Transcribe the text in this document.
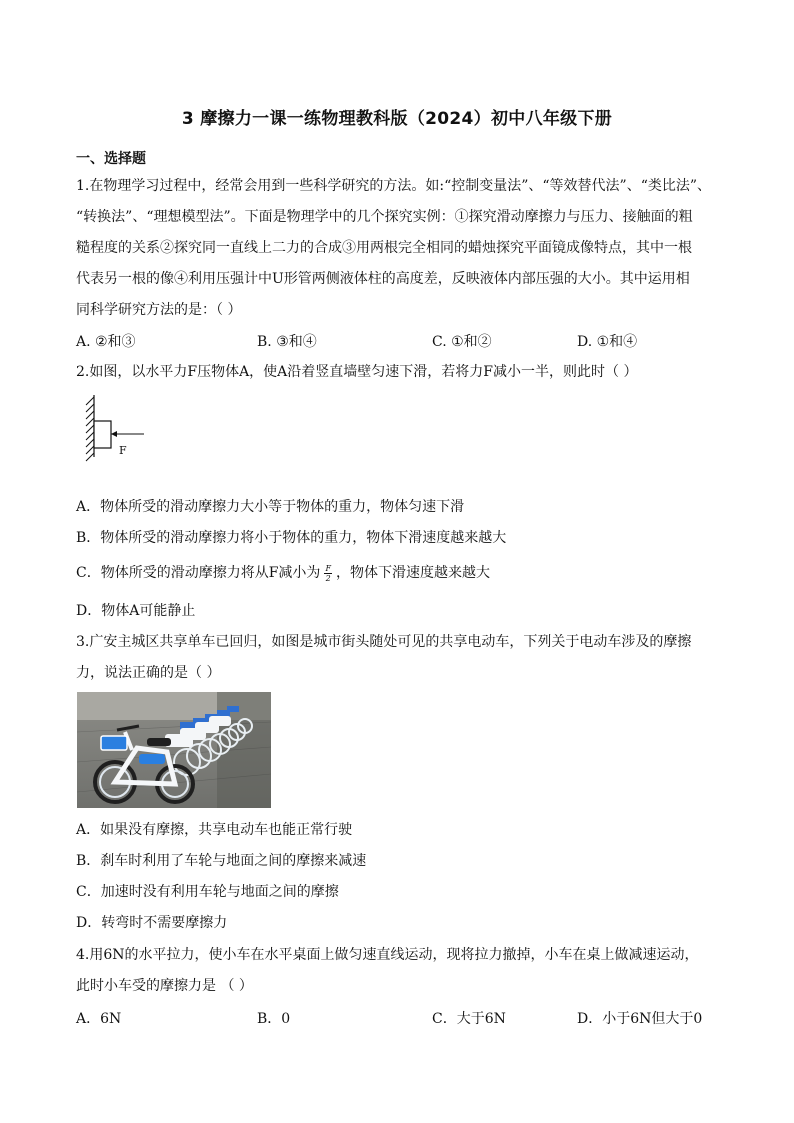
3 摩擦力一课一练物理教科版（2024）初中八年级下册
一、选择题
1.在物理学习过程中，经常会用到一些科学研究的方法。如:“控制变量法”、“等效替代法”、“类比法”、
“转换法”、“理想模型法”。下面是物理学中的几个探究实例：①探究滑动摩擦力与压力、接触面的粗
糙程度的关系②探究同一直线上二力的合成③用两根完全相同的蜡烛探究平面镜成像特点，其中一根
代表另一根的像④利用压强计中U形管两侧液体柱的高度差，反映液体内部压强的大小。其中运用相
同科学研究方法的是：（ ）
A. ②和③	B. ③和④	C. ①和②	D. ①和④
2.如图，以水平力F压物体A，使A沿着竖直墙壁匀速下滑，若将力F减小一半，则此时（ ）
F
A．物体所受的滑动摩擦力大小等于物体的重力，物体匀速下滑
B．物体所受的滑动摩擦力将小于物体的重力，物体下滑速度越来越大
C．物体所受的滑动摩擦力将从F减小为 $\frac{F}{2}$ ，物体下滑速度越来越大
D．物体A可能静止
3.广安主城区共享单车已回归，如图是城市街头随处可见的共享电动车，下列关于电动车涉及的摩擦
力，说法正确的是（ ）
A．如果没有摩擦，共享电动车也能正常行驶
B．刹车时利用了车轮与地面之间的摩擦来减速
C．加速时没有利用车轮与地面之间的摩擦
D．转弯时不需要摩擦力
4.用6N的水平拉力，使小车在水平桌面上做匀速直线运动，现将拉力撤掉，小车在桌上做减速运动，
此时小车受的摩擦力是 （ ）
A．6N	B．0	C．大于6N	D．小于6N但大于0
